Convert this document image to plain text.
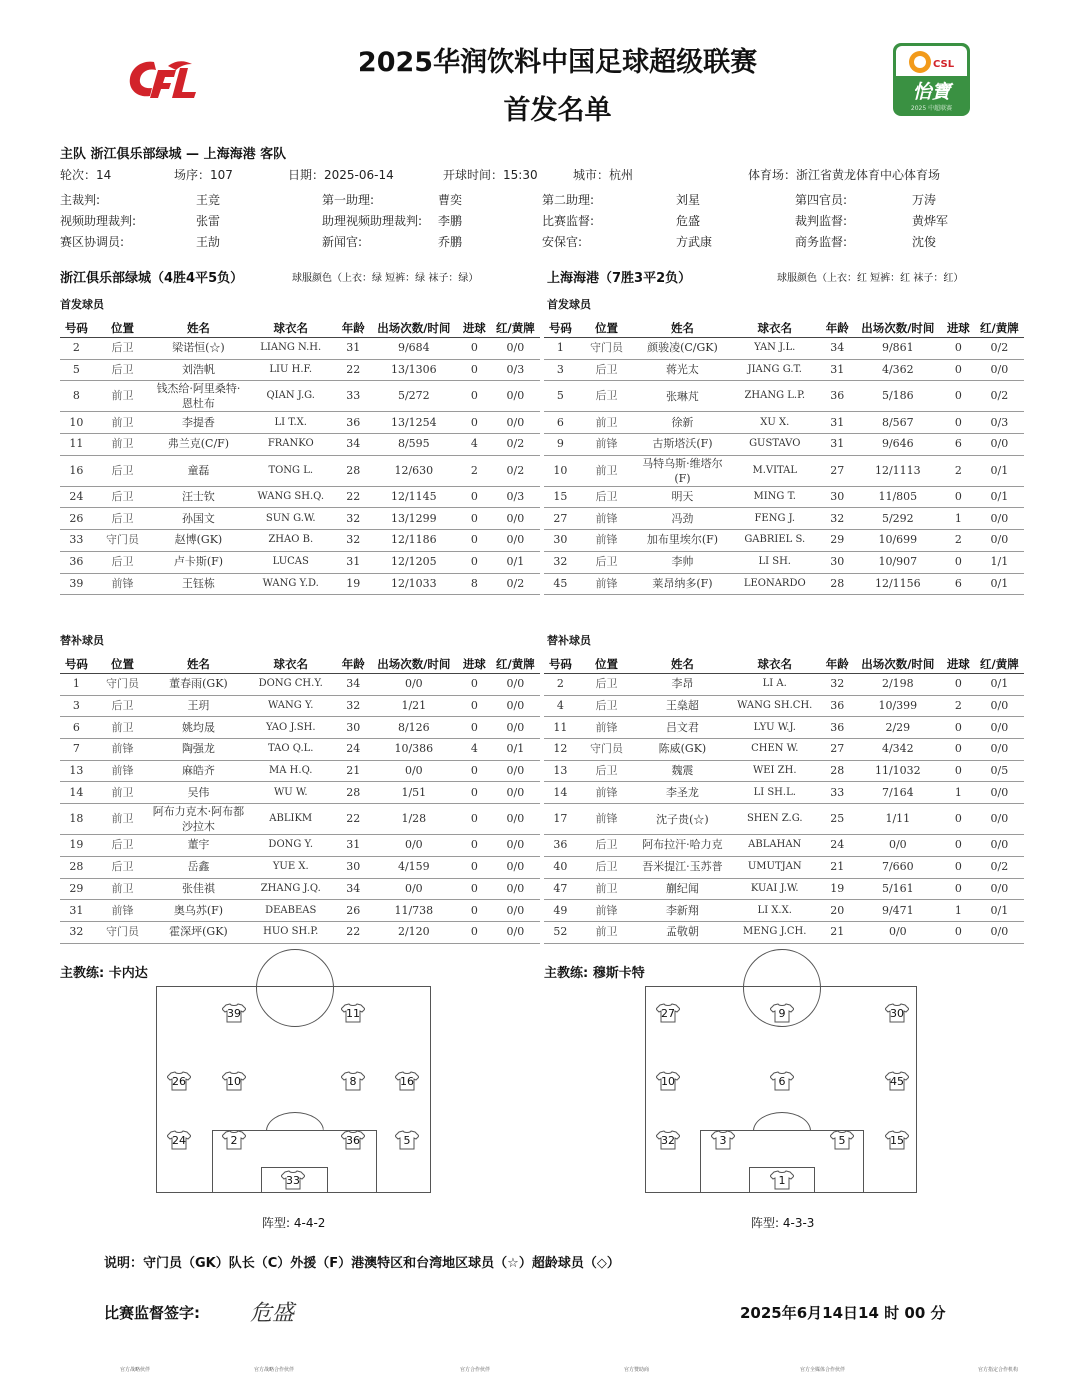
2025华润饮料中国足球超级联赛
首发名单
CSL
怡寶
2025 中超联赛
主队 浙江俱乐部绿城 — 上海海港 客队
轮次：14	场序：107	日期：2025-06-14	开球时间：15:30	城市：杭州	体育场：浙江省黄龙体育中心体育场
主裁判:	王竞	第一助理:	曹奕	第二助理:	刘星	第四官员:	万涛
视频助理裁判:	张雷	助理视频助理裁判: 李鹏	比赛监督:	危盛	裁判监督:	黄烨军
赛区协调员:	王劼	新闻官:	乔鹏	安保官:	方武康	商务监督:	沈俊
浙江俱乐部绿城（4胜4平5负）	球服颜色（上衣：绿 短裤：绿 袜子：绿）	上海海港（7胜3平2负）	球服颜色（上衣：红 短裤：红 袜子：红）
首发球员	首发球员
替补球员	替补球员
号码	位置	姓名	球衣名	年龄	出场次数/时间	进球	红/黄牌
2	后卫	梁诺恒(☆)	LIANG N.H.	31	9/684	0	0/0
5	后卫	刘浩帆	LIU H.F.	22	13/1306	0	0/3
8	前卫	钱杰给·阿里桑特·恩杜布	QIAN J.G.	33	5/272	0	0/0
10	前卫	李提香	LI T.X.	36	13/1254	0	0/0
11	前卫	弗兰克(C/F)	FRANKO	34	8/595	4	0/2
16	后卫	童磊	TONG L.	28	12/630	2	0/2
24	后卫	汪士钦	WANG SH.Q.	22	12/1145	0	0/3
26	后卫	孙国文	SUN G.W.	32	13/1299	0	0/0
33	守门员	赵博(GK)	ZHAO B.	32	12/1186	0	0/0
36	后卫	卢卡斯(F)	LUCAS	31	12/1205	0	0/1
39	前锋	王钰栋	WANG Y.D.	19	12/1033	8	0/2
号码	位置	姓名	球衣名	年龄	出场次数/时间	进球	红/黄牌
1	守门员	颜骏凌(C/GK)	YAN J.L.	34	9/861	0	0/2
3	后卫	蒋光太	JIANG G.T.	31	4/362	0	0/0
5	后卫	张琳芃	ZHANG L.P.	36	5/186	0	0/2
6	前卫	徐新	XU X.	31	8/567	0	0/3
9	前锋	古斯塔沃(F)	GUSTAVO	31	9/646	6	0/0
10	前卫	马特乌斯·维塔尔(F)	M.VITAL	27	12/1113	2	0/1
15	后卫	明天	MING T.	30	11/805	0	0/1
27	前锋	冯劲	FENG J.	32	5/292	1	0/0
30	前锋	加布里埃尔(F)	GABRIEL S.	29	10/699	2	0/0
32	后卫	李帅	LI SH.	30	10/907	0	1/1
45	前锋	莱昂纳多(F)	LEONARDO	28	12/1156	6	0/1
号码	位置	姓名	球衣名	年龄	出场次数/时间	进球	红/黄牌
1	守门员	董春雨(GK)	DONG CH.Y.	34	0/0	0	0/0
3	后卫	王玥	WANG Y.	32	1/21	0	0/0
6	前卫	姚均晟	YAO J.SH.	30	8/126	0	0/0
7	前锋	陶强龙	TAO Q.L.	24	10/386	4	0/1
13	前锋	麻皓齐	MA H.Q.	21	0/0	0	0/0
14	前卫	吴伟	WU W.	28	1/51	0	0/0
18	前卫	阿布力克木·阿布都沙拉木	ABLIKM	22	1/28	0	0/0
19	后卫	董宇	DONG Y.	31	0/0	0	0/0
28	后卫	岳鑫	YUE X.	30	4/159	0	0/0
29	前卫	张佳祺	ZHANG J.Q.	34	0/0	0	0/0
31	前锋	奥乌苏(F)	DEABEAS	26	11/738	0	0/0
32	守门员	霍深坪(GK)	HUO SH.P.	22	2/120	0	0/0
号码	位置	姓名	球衣名	年龄	出场次数/时间	进球	红/黄牌
2	后卫	李昂	LI A.	32	2/198	0	0/1
4	后卫	王燊超	WANG SH.CH.	36	10/399	2	0/0
11	前锋	吕文君	LYU W.J.	36	2/29	0	0/0
12	守门员	陈威(GK)	CHEN W.	27	4/342	0	0/0
13	后卫	魏震	WEI ZH.	28	11/1032	0	0/5
14	前锋	李圣龙	LI SH.L.	33	7/164	1	0/0
17	前锋	沈子贵(☆)	SHEN Z.G.	25	1/11	0	0/0
36	后卫	阿布拉汗·哈力克	ABLAHAN	24	0/0	0	0/0
40	后卫	吾米提江·玉苏普	UMUTJAN	21	7/660	0	0/2
47	前卫	蒯纪闻	KUAI J.W.	19	5/161	0	0/0
49	前锋	李新翔	LI X.X.	20	9/471	1	0/1
52	前卫	孟敬朝	MENG J.CH.	21	0/0	0	0/0
主教练: 卡内达	主教练: 穆斯卡特
39	11
26	10	8	16
24	2	36	5
33
27	9	30
10	6	45
32	3	5	15
1
阵型: 4-4-2	阵型: 4-3-3
说明：守门员（GK）队长（C）外援（F）港澳特区和台湾地区球员（☆）超龄球员（◇）
比赛监督签字: 危盛	2025年6月14日14 时 00 分
官方战略伙伴	官方战略合作伙伴	官方合作伙伴	官方赞助商	官方全媒体合作伙伴	官方指定合作机构
